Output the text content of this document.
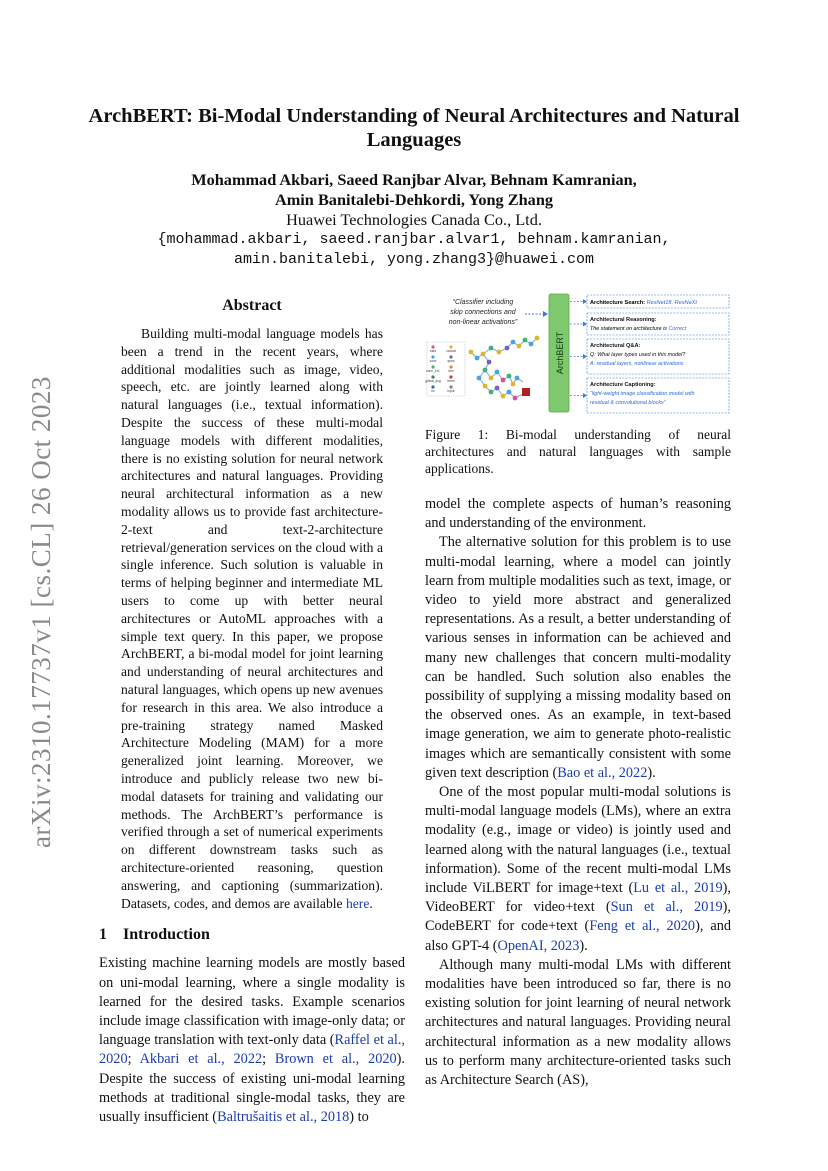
arXiv:2310.17737v1 [cs.CL] 26 Oct 2023
ArchBERT: Bi-Modal Understanding of Neural Architectures and Natural Languages
Mohammad Akbari, Saeed Ranjbar Alvar, Behnam Kamranian,
Amin Banitalebi-Dehkordi, Yong Zhang
Huawei Technologies Canada Co., Ltd.
{mohammad.akbari, saeed.ranjbar.alvar1, behnam.kamranian,
amin.banitalebi, yong.zhang3}@huawei.com
Abstract

Building multi-modal language models has been a trend in the recent years, where additional modalities such as image, video, speech, etc. are jointly learned along with natural languages (i.e., textual information). Despite the success of these multi-modal language models with different modalities, there is no existing solution for neural network architectures and natural languages. Providing neural architectural information as a new modality allows us to provide fast architecture-2-text and text-2-architecture retrieval/generation services on the cloud with a single inference. Such solution is valuable in terms of helping beginner and intermediate ML users to come up with better neural architectures or AutoML approaches with a simple text query. In this paper, we propose ArchBERT, a bi-modal model for joint learning and understanding of neural architectures and natural languages, which opens up new avenues for research in this area. We also introduce a pre-training strategy named Masked Architecture Modeling (MAM) for a more generalized joint learning. Moreover, we introduce and publicly release two new bi-modal datasets for training and validating our methods. The ArchBERT’s performance is verified through a set of numerical experiments on different downstream tasks such as architecture-oriented reasoning, question answering, and captioning (summarization). Datasets, codes, and demos are available here.

1 Introduction

Existing machine learning models are mostly based on uni-modal learning, where a single modality is learned for the desired tasks. Example scenarios include image classification with image-only data; or language translation with text-only data (Raffel et al., 2020; Akbari et al., 2022; Brown et al., 2020). Despite the success of existing uni-modal learning methods at traditional single-modal tasks, they are usually insufficient (Baltrušaitis et al., 2018) to

“Classifier including
skip connections and
non-linear activations”
bias	concat
conv	ques
conv_1x1	dim
global_avg bmm
lin	input
ArchBERT
Architecture Search: ResNet18, ResNeXt
Architectural Reasoning:
The statement on architecture is Correct
Architectural Q&A:
Q: What layer types used in this model?
A: residual layers, nonlinear activations
Architecture Captioning:
“light-weight image classification model with
residual & convolutional blocks”
Figure 1: Bi-modal understanding of neural architectures and natural languages with sample applications.

model the complete aspects of human’s reasoning and understanding of the environment.

The alternative solution for this problem is to use multi-modal learning, where a model can jointly learn from multiple modalities such as text, image, or video to yield more abstract and generalized representations. As a result, a better understanding of various senses in information can be achieved and many new challenges that concern multi-modality can be handled. Such solution also enables the possibility of supplying a missing modality based on the observed ones. As an example, in text-based image generation, we aim to generate photo-realistic images which are semantically consistent with some given text description (Bao et al., 2022).

One of the most popular multi-modal solutions is multi-modal language models (LMs), where an extra modality (e.g., image or video) is jointly used and learned along with the natural languages (i.e., textual information). Some of the recent multi-modal LMs include ViLBERT for image+text (Lu et al., 2019), VideoBERT for video+text (Sun et al., 2019), CodeBERT for code+text (Feng et al., 2020), and also GPT-4 (OpenAI, 2023).

Although many multi-modal LMs with different modalities have been introduced so far, there is no existing solution for joint learning of neural network architectures and natural languages. Providing neural architectural information as a new modality allows us to perform many architecture-oriented tasks such as Architecture Search (AS),
